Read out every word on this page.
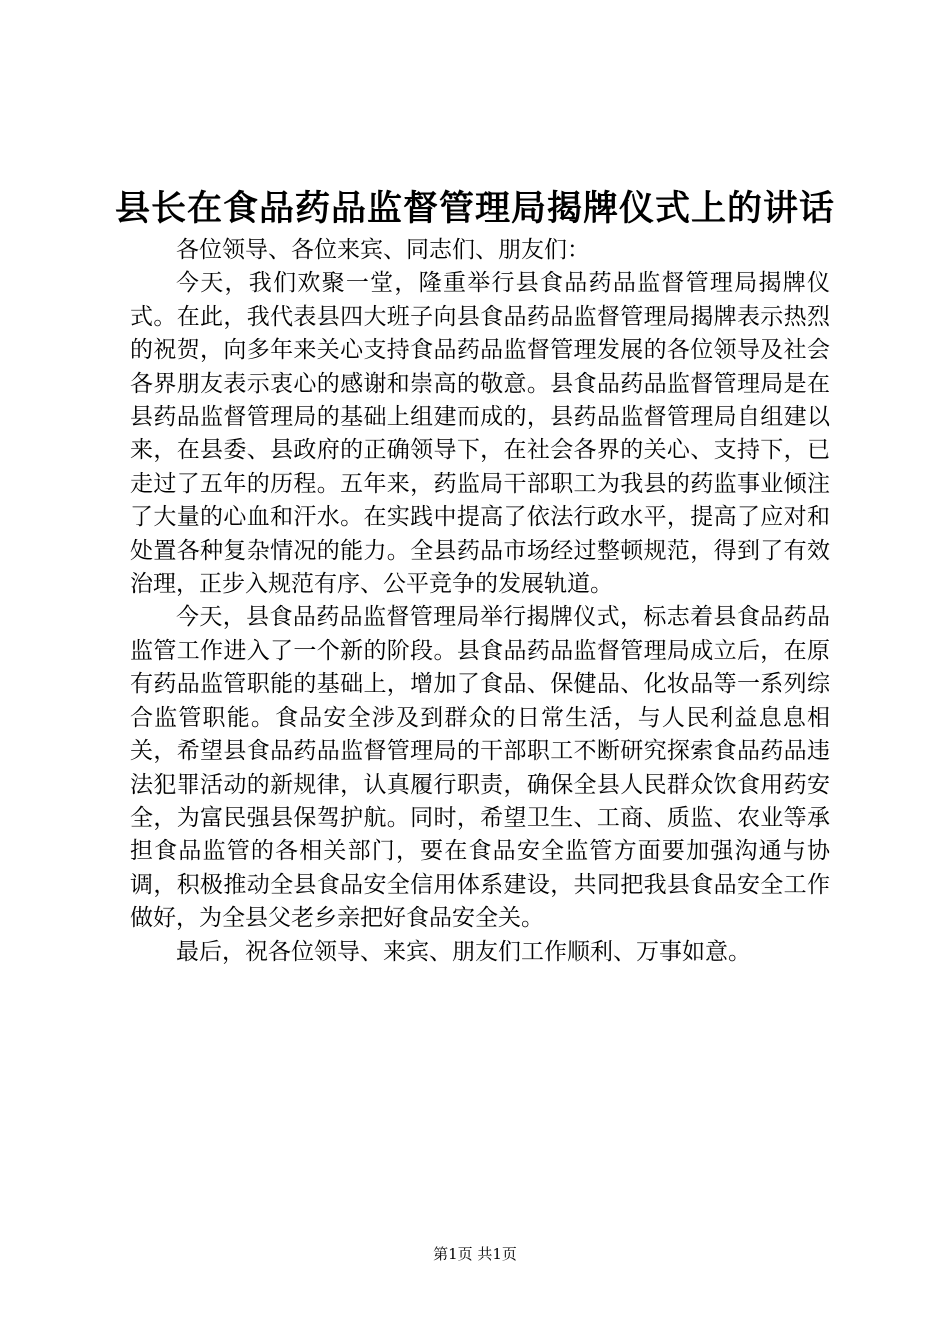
县长在食品药品监督管理局揭牌仪式上的讲话

各位领导、各位来宾、同志们、朋友们：

今天，我们欢聚一堂，隆重举行县食品药品监督管理局揭牌仪式。在此，我代表县四大班子向县食品药品监督管理局揭牌表示热烈的祝贺，向多年来关心支持食品药品监督管理发展的各位领导及社会各界朋友表示衷心的感谢和崇高的敬意。县食品药品监督管理局是在县药品监督管理局的基础上组建而成的，县药品监督管理局自组建以来，在县委、县政府的正确领导下，在社会各界的关心、支持下，已走过了五年的历程。五年来，药监局干部职工为我县的药监事业倾注了大量的心血和汗水。在实践中提高了依法行政水平，提高了应对和处置各种复杂情况的能力。全县药品市场经过整顿规范，得到了有效治理，正步入规范有序、公平竞争的发展轨道。

今天，县食品药品监督管理局举行揭牌仪式，标志着县食品药品监管工作进入了一个新的阶段。县食品药品监督管理局成立后，在原有药品监管职能的基础上，增加了食品、保健品、化妆品等一系列综合监管职能。食品安全涉及到群众的日常生活，与人民利益息息相关，希望县食品药品监督管理局的干部职工不断研究探索食品药品违法犯罪活动的新规律，认真履行职责，确保全县人民群众饮食用药安全，为富民强县保驾护航。同时，希望卫生、工商、质监、农业等承担食品监管的各相关部门，要在食品安全监管方面要加强沟通与协调，积极推动全县食品安全信用体系建设，共同把我县食品安全工作做好，为全县父老乡亲把好食品安全关。

最后，祝各位领导、来宾、朋友们工作顺利、万事如意。

第1页 共1页
